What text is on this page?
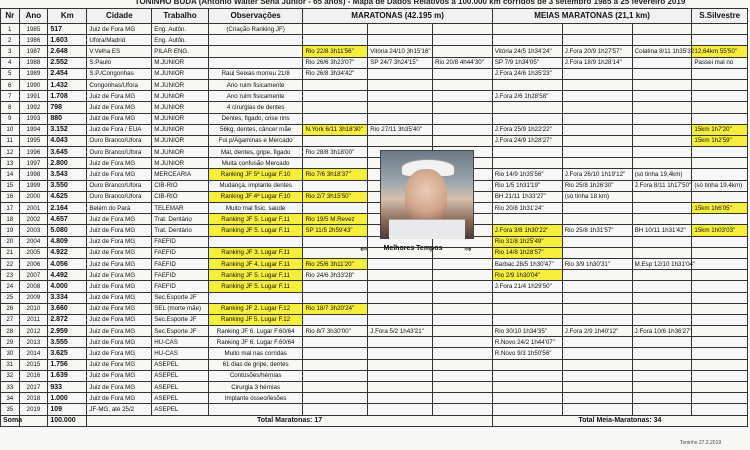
TONINHO BUDA (Antônio Walter Sena Junior - 65 anos) - Mapa de Dados Relativos a 100.000 km corridos de 3 setembro 1985 a 25 fevereiro 2019
Nr	Ano	Km	Cidade	Trabalho	Observações	MARATONAS (42.195 m)			MEIAS MARATONAS (21,1 km)			S.Silvestre
1	1985	517	Juiz de Fora MG	Eng. Autôn.	(Criação Ranking JF)							
2	1986	1.603	Ufora/Madrid	Eng. Autôn.								
3	1987	2.648	V.Velha ES	PILAR ENG.		Rio 22/8 3h11'56"	Vitória 24/10 3h15'16"		Vitória 24/5 1h34'24"	J.Fora 20/9 1h27'57"	Colatina 8/11 1h35'32	12,64km 55'50"
4	1988	2.552	S.Paulo	M.JUNIOR		Rio 26/6 3h23'07"	SP 24/7 3h24'15"	Rio 20/8 4h44'30"	SP 7/9 1h34'05"	J.Fora 18/9 1h28'14"		Passei mal no
5	1989	2.454	S.P./Congonhas	M.JUNIOR	Raul Seixas morreu 21/8	Rio 26/8 3h34'42"			J.Fora 24/6 1h35'23"			
6	1990	1.432	Congonhas/Ufora	M.JUNIOR	Ano ruim fisicamente							
7	1991	1.708	Juiz de Fora MG	M.JUNIOR	Ano ruim fisicamente				J.Fora 2/6 1h28'58"			
8	1992	798	Juiz de Fora MG	M.JUNIOR	4 cirurgias de dentes							
9	1993	880	Juiz de Fora MG	M.JUNIOR	Dentes, figado, crise rins							
10	1994	3.152	Juiz de Fora / EUA	M.JUNIOR	56kg, dentes, câncer mãe	N.York 6/11 3h18'30"	Rio 27/11 3h35'40"		J.Fora 25/9 1h22'22"			15km 1h7'20"
11	1995	4.043	Ouro Branco/Ufora	M.JUNIOR	Fui p/Agaminas e Mercado				J.Fora 24/9 1h28'27"			15km 1h2'59"
12	1996	3.645	Ouro Branco/Ufora	M.JUNIOR	Mal, dentes, gripe, figado	Rio 28/8 3h18'00"						
13	1997	2.800	Juiz de Fora MG	M.JUNIOR	Muita confusão Mercado							
14	1998	3.543	Juiz de Fora MG	MERCEARIA	Ranking JF 5ª Lugar F.10	Rio 7/6 3h18'37"			Rio 14/9 1h35'56"	J.Fora 26/10 1h19'12"	(só tinha 19,4km)	
15	1999	3.550	Ouro Branco/Ufora	CIB-RIO	Mudança, implante dentes				Rio 1/5 1h31'19"	Rio 25/8 1h26'30"	J.Fora 8/11 1h17'50"	(só tinha 19,4km)
16	2000	4.625	Ouro Branco/Ufora	CIB-RIO	Ranking JF 4ª Lugar F.10	Rio 2/7 3h15'50"			BH 21/11 1h33'27"	(só tinha 18 km)		
17	2001	2.164	Belém do Pará	TELEMAR	Muito mal fisic. saúde				Rio 20/8 1h31'24"			15km 1h6'05"
18	2002	4.657	Juiz de Fora MG	Trat. Dentário	Ranking JF 5. Lugar F.11	Rio 19/5 M.Revez						
19	2003	5.080	Juiz de Fora MG	Trat. Dentário	Ranking JF 5. Lugar F.11	SP 11/5 2h59'43"			J.Fora 3/8 1h30'22"	Rio 25/8 1h31'57"	BH 10/11 1h31'42"	15km 1h03'03"
20	2004	4.809	Juiz de Fora MG	FAEFID					Rio 31/8 1h25'49"			
21	2005	4.922	Juiz de Fora MG	FAEFID	Ranking JF 3. Lugar F.11				Rio 14/8 1h28'57"			
22	2006	4.056	Juiz de Fora MG	FAEFID	Ranking JF 4. Lugar F.11	Rio 25/6 3h11'20"			Barbac.28/5 1h30'47"	Rio 3/9 1h30'31"	M.Esp 12/10 1h31'04"	
23	2007	4.492	Juiz de Fora MG	FAEFID	Ranking JF 5. Lugar F.11	Rio 24/6 3h33'28"			Rio 2/9 1h30'04"			
24	2008	4.000	Juiz de Fora MG	FAEFID	Ranking JF 5. Lugar F.11				J.Fora 21/4 1h29'50"			
25	2009	3.334	Juiz de Fora MG	Sec.Esporte JF								
26	2010	3.660	Juiz de Fora MG	SEL (morte mãe)	Ranking JF 2. Lugar F.12	Rio 18/7 3h20'24"						
27	2011	2.872	Juiz de Fora MG	Sec.Esporte JF	Ranking JF 5. Lugar F.12							
28	2012	2.959	Juiz de Fora MG	Sec.Esporte JF	Ranking JF 6. Lugar F.60/64	Rio 8/7 3h30'00"	J.Fora 5/2 1h43'21"		Rio 30/10 1h34'35"	J.Fora 2/9 1h40'12"	J.Fora 10/6 1h36'27"	
29	2013	3.555	Juiz de Fora MG	HU-CAS	Ranking JF 6. Lugar F.60/64				R.Novo 24/2 1h44'07"			
30	2014	3.625	Juiz de Fora MG	HU-CAS	Muito mal nas corridas				R.Novo 9/3 1h50'56"			
31	2015	1.756	Juiz de Fora MG	ASEPEL	61 dias de gripe, dentes							
32	2016	1.639	Juiz de Fora MG	ASEPEL	Contusões/hérnias							
33	2017	933	Juiz de Fora MG	ASEPEL	Cirurgia 3 hérnias							
34	2018	1.000	Juiz de Fora MG	ASEPEL	Implante ósseo/lesões							
35	2019	109	JF-MG, até 25/2	ASEPEL								
Soma		100.000	Total Maratonas: 17						Total Meia-Maratonas: 34			
⇐	Melhores Tempos	⇒
Toninho 27.2.2019
